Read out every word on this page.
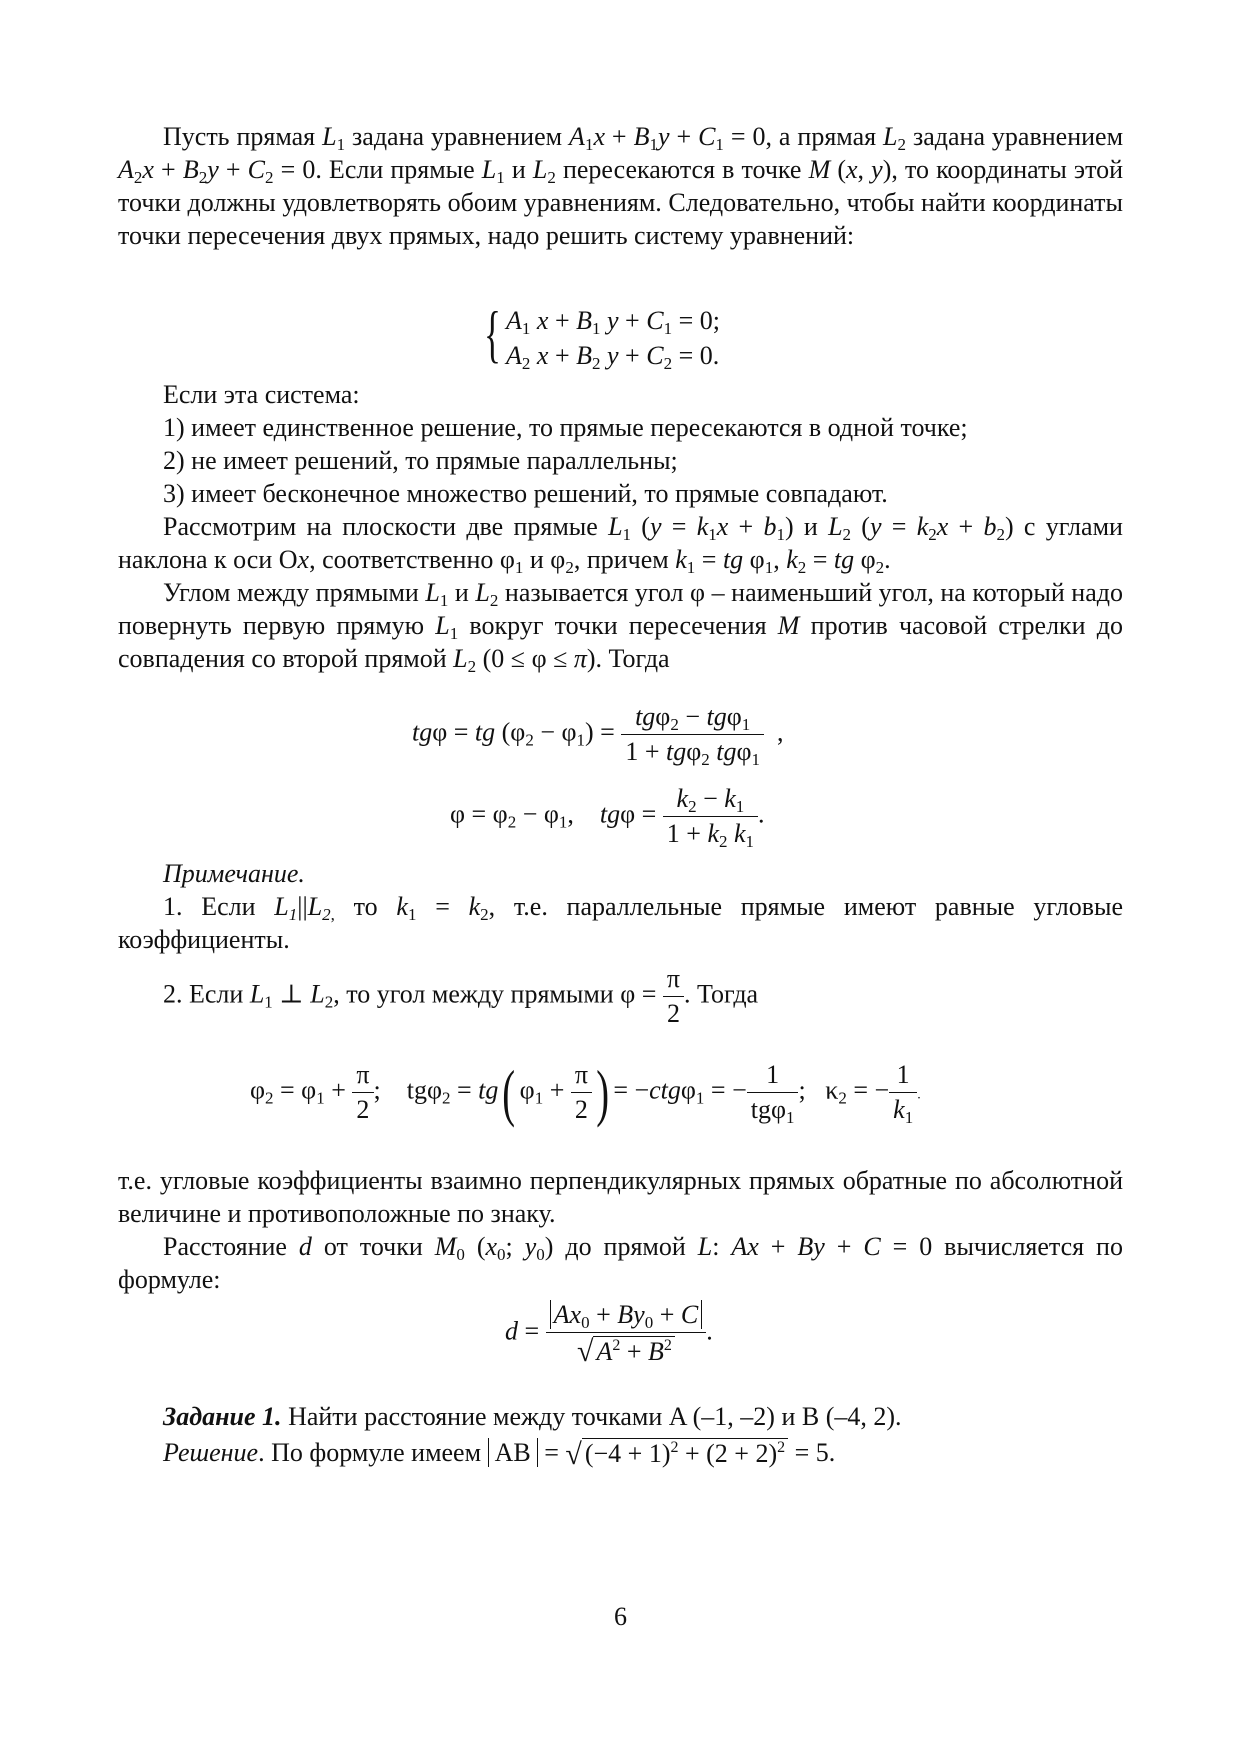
Пусть прямая $L_1$ задана уравнением $A_1x + B_1y + C_1 = 0$, а прямая $L_2$ задана уравнением $A_2x + B_2y + C_2 = 0$. Если прямые $L_1$ и $L_2$ пересекаются в точке M (x, y), то координаты этой точки должны удовлетворять обоим уравнениям. Следовательно, чтобы найти координаты точки пересечения двух прямых, надо решить систему уравнений:
{ $A_1$ $x + B_1$ $y + C_1 = 0$;
$A_2$ $x + B_2$ $y + C_2 = 0$.
Если эта система:
1) имеет единственное решение, то прямые пересекаются в одной точке;
2) не имеет решений, то прямые параллельны;
3) имеет бесконечное множество решений, то прямые совпадают.
Рассмотрим на плоскости две прямые $L_1$ $(y = k_1x + b_1)$ и $L_2$ $(y = k_2x + b_2)$ с углами наклона к оси Ox, соответственно $\varphi_1$ и $\varphi_2$, причем $k_1$ = tg $\varphi_1$, $k_2$ = tg $\varphi_2$.
Углом между прямыми $L_1$ и $L_2$ называется угол φ – наименьший угол, на который надо повернуть первую прямую $L_1$ вокруг точки пересечения M против часовой стрелки до совпадения со второй прямой $L_2$ (0 ≤ φ ≤ π). Тогда
tgφ = tg $(\varphi_2 - \varphi_1) = \frac{tg\varphi_2 - tg\varphi_1}{1 + tg\varphi_2 tg\varphi_1}$ ,
$\varphi = \varphi_2 - \varphi_1$,    $tg\varphi = \frac{k_2 - k_1}{1 + k_2 k_1}$ .
Примечание.
1. Если $L_1||L_{2,}$ то $k_1 = k_2$, т.е. параллельные прямые имеют равные угловые коэффициенты.
2. Если $L_1$ ⊥ $L_2$, то угол между прямыми $\varphi = \frac{\pi}{2}$ . Тогда
$\varphi_2 = \varphi_1 + \frac{\pi}{2}$ ;    tgφ$_2$ = tg( $\varphi_1 + \frac{\pi}{2}$ ) = −ctgφ$_1$ = − $\frac{1}{tg\varphi_1}$ ;   $\kappa_2$ = − $\frac{1}{k_1}$ .
т.е. угловые коэффициенты взаимно перпендикулярных прямых обратные по абсолютной величине и противоположные по знаку.
Расстояние d от точки $M_0$ ($x_0$; $y_0$) до прямой L: Ax + By + C = 0 вычисляется по формуле:
$d = \frac{Ax_0 + By_0 + C}{√ A^2 + B^2}$ .
Задание 1. Найти расстояние между точками A (–1, –2) и B (–4, 2).
Решение. По формуле имеем AB = √ $(-4 + 1)^2 + (2 + 2)^2 = 5$.
6
